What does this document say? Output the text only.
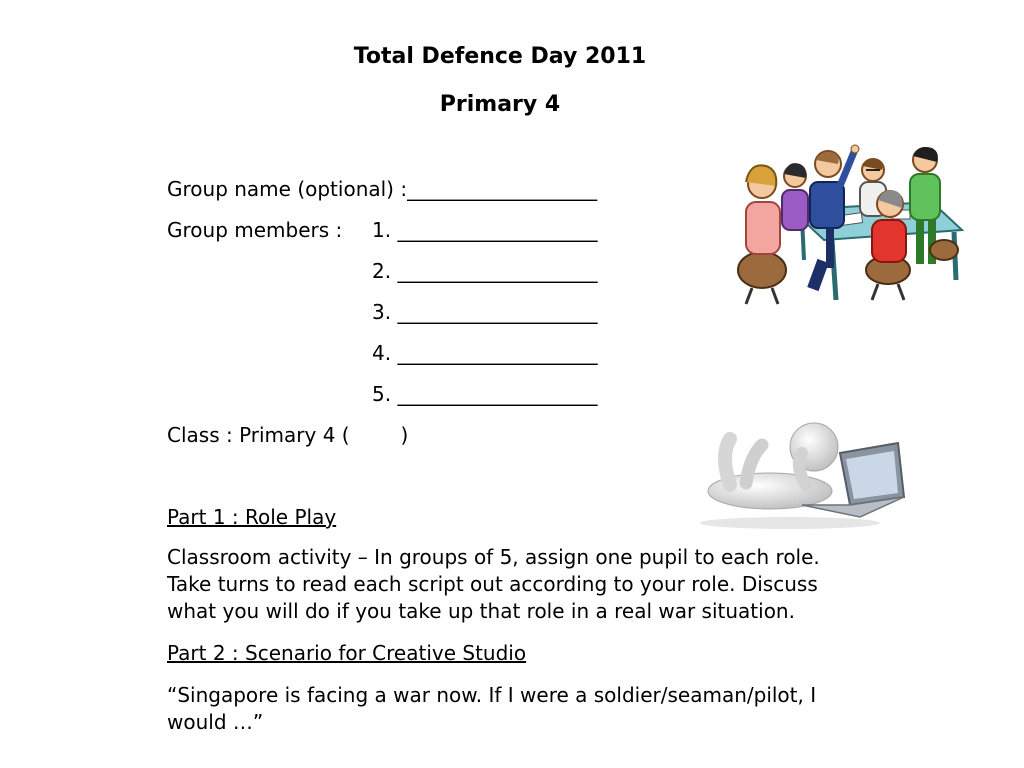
Total Defence Day 2011
Primary 4
Group name (optional) :___________________
Group members : 1. ____________________
2. ____________________
3. ____________________
4. ____________________
5. ____________________
Class : Primary 4 (        )
Part 1 : Role Play
Classroom activity – In groups of 5, assign one pupil to each role. Take turns to read each script out according to your role. Discuss what you will do if you take up that role in a real war situation.
Part 2 : Scenario for Creative Studio
“Singapore is facing a war now. If I were a soldier/seaman/pilot, I would …”
